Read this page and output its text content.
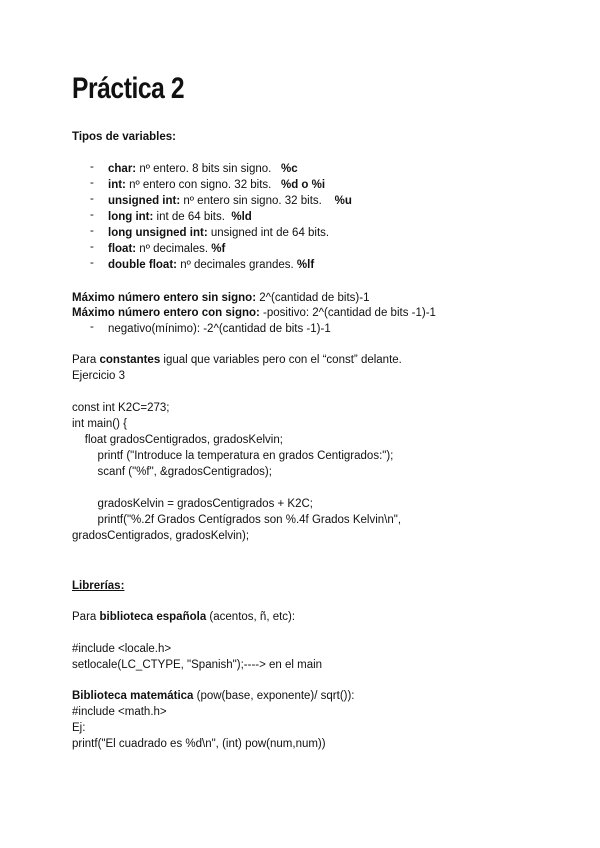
Práctica 2
Tipos de variables:
- char: nº entero. 8 bits sin signo.   %c
- int: nº entero con signo. 32 bits.   %d o %i
- unsigned int: nº entero sin signo. 32 bits.    %u
- long int: int de 64 bits.  %ld
- long unsigned int: unsigned int de 64 bits.
- float: nº decimales. %f
- double float: nº decimales grandes. %lf
Máximo número entero sin signo: 2^(cantidad de bits)-1
Máximo número entero con signo: -positivo: 2^(cantidad de bits -1)-1
- negativo(mínimo): -2^(cantidad de bits -1)-1
Para constantes igual que variables pero con el “const” delante.
Ejercicio 3
const int K2C=273;
int main() {
float gradosCentigrados, gradosKelvin;
printf ("Introduce la temperatura en grados Centigrados:");
scanf ("%f", &gradosCentigrados);
gradosKelvin = gradosCentigrados + K2C;
printf("%.2f Grados Centígrados son %.4f Grados Kelvin\n",
gradosCentigrados, gradosKelvin);
Librerías:
Para biblioteca española (acentos, ñ, etc):
#include <locale.h>
setlocale(LC_CTYPE, "Spanish");----> en el main
Biblioteca matemática (pow(base, exponente)/ sqrt()):
#include <math.h>
Ej:
printf("El cuadrado es %d\n", (int) pow(num,num))
